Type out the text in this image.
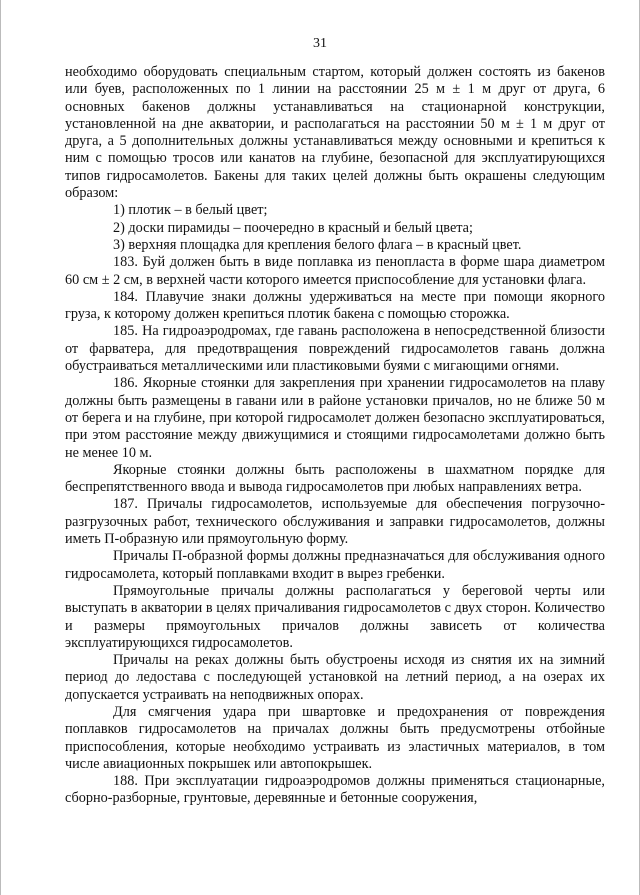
31

необходимо оборудовать специальным стартом, который должен состоять из бакенов или буев, расположенных по 1 линии на расстоянии 25 м ± 1 м друг от друга, 6 основных бакенов должны устанавливаться на стационарной конструкции, установленной на дне акватории, и располагаться на расстоянии 50 м ± 1 м друг от друга, а 5 дополнительных должны устанавливаться между основными и крепиться к ним с помощью тросов или канатов на глубине, безопасной для эксплуатирующихся типов гидросамолетов. Бакены для таких целей должны быть окрашены следующим образом:

1) плотик – в белый цвет;

2) доски пирамиды – поочередно в красный и белый цвета;

3) верхняя площадка для крепления белого флага – в красный цвет.

183. Буй должен быть в виде поплавка из пенопласта в форме шара диаметром 60 см ± 2 см, в верхней части которого имеется приспособление для установки флага.

184. Плавучие знаки должны удерживаться на месте при помощи якорного груза, к которому должен крепиться плотик бакена с помощью сторожка.

185. На гидроаэродромах, где гавань расположена в непосредственной близости от фарватера, для предотвращения повреждений гидросамолетов гавань должна обустраиваться металлическими или пластиковыми буями с мигающими огнями.

186. Якорные стоянки для закрепления при хранении гидросамолетов на плаву должны быть размещены в гавани или в районе установки причалов, но не ближе 50 м от берега и на глубине, при которой гидросамолет должен безопасно эксплуатироваться, при этом расстояние между движущимися и стоящими гидросамолетами должно быть не менее 10 м.

Якорные стоянки должны быть расположены в шахматном порядке для беспрепятственного ввода и вывода гидросамолетов при любых направлениях ветра.

187. Причалы гидросамолетов, используемые для обеспечения погрузочно-разгрузочных работ, технического обслуживания и заправки гидросамолетов, должны иметь П-образную или прямоугольную форму.

Причалы П-образной формы должны предназначаться для обслуживания одного гидросамолета, который поплавками входит в вырез гребенки.

Прямоугольные причалы должны располагаться у береговой черты или выступать в акватории в целях причаливания гидросамолетов с двух сторон. Количество и размеры прямоугольных причалов должны зависеть от количества эксплуатирующихся гидросамолетов.

Причалы на реках должны быть обустроены исходя из снятия их на зимний период до ледостава с последующей установкой на летний период, а на озерах их допускается устраивать на неподвижных опорах.

Для смягчения удара при швартовке и предохранения от повреждения поплавков гидросамолетов на причалах должны быть предусмотрены отбойные приспособления, которые необходимо устраивать из эластичных материалов, в том числе авиационных покрышек или автопокрышек.

188. При эксплуатации гидроаэродромов должны применяться стационарные, сборно-разборные, грунтовые, деревянные и бетонные сооружения,
